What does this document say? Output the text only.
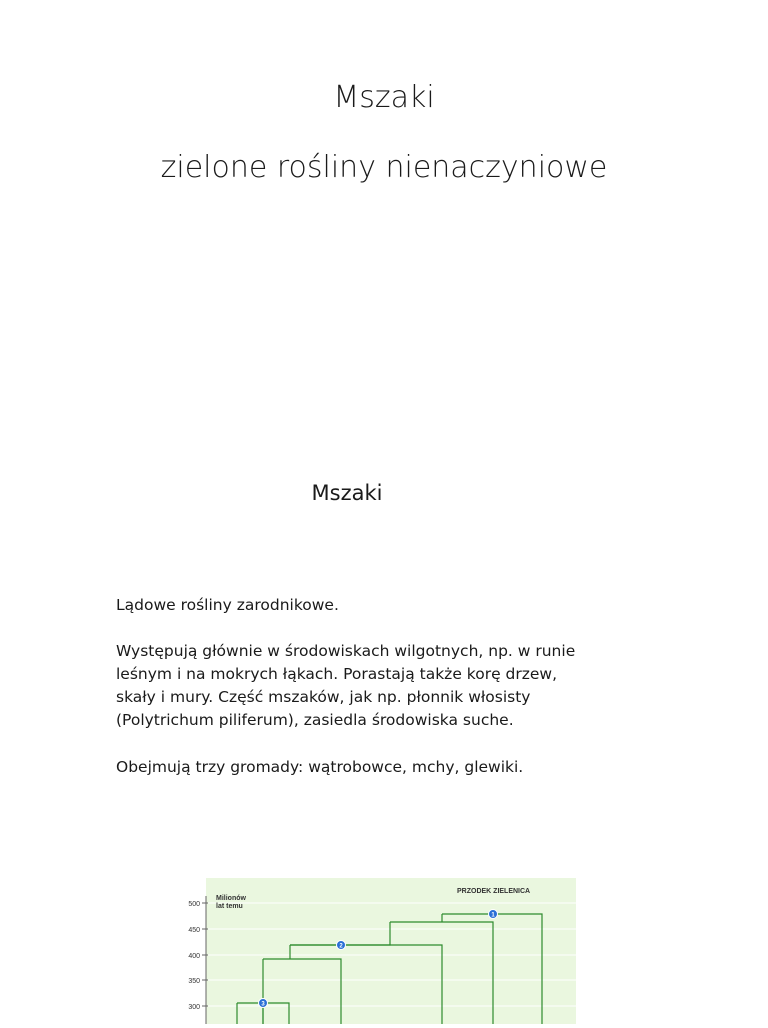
Mszaki
zielone rośliny nienaczyniowe
Mszaki
Lądowe rośliny zarodnikowe.
Występują głównie w środowiskach wilgotnych, np. w runie
leśnym i na mokrych łąkach. Porastają także korę drzew,
skały i mury. Część mszaków, jak np. płonnik włosisty
(Polytrichum piliferum), zasiedla środowiska suche.
Obejmują trzy gromady: wątrobowce, mchy, glewiki.
500
450
400
350
300
Milionów
lat temu
PRZODEK ZIELENICA
1
2
3
